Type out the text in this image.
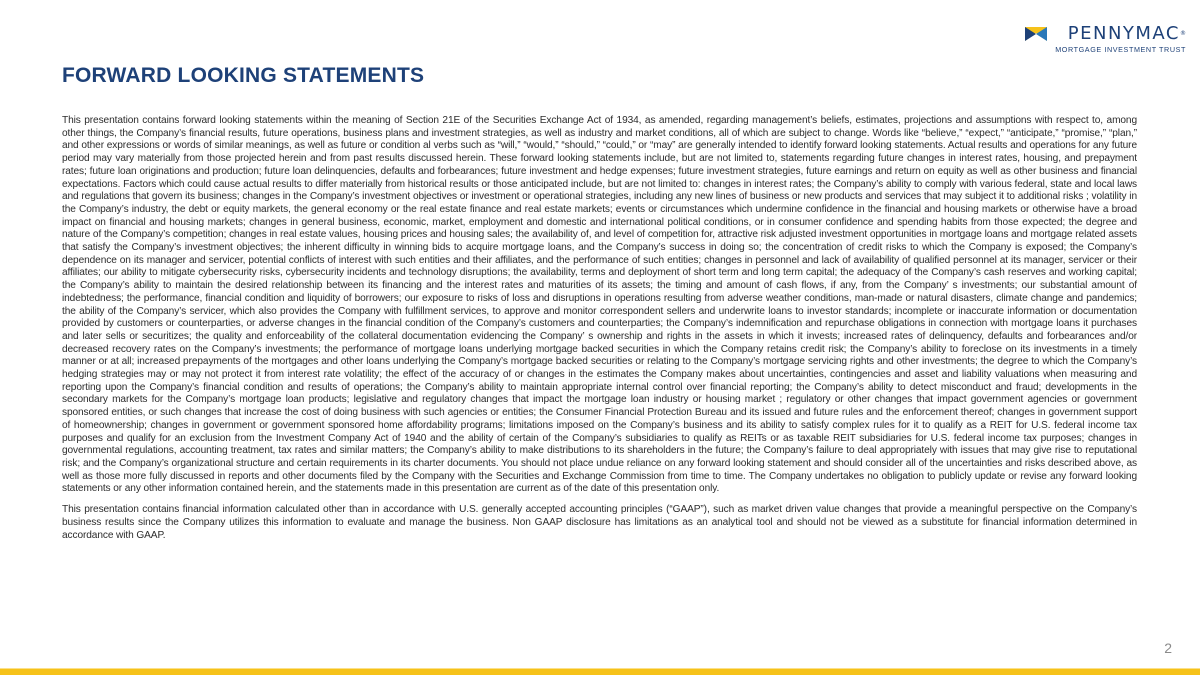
PENNYMAC®
MORTGAGE INVESTMENT TRUST
FORWARD LOOKING STATEMENTS

This presentation contains forward looking statements within the meaning of Section 21E of the Securities Exchange Act of 1934, as amended, regarding management’s beliefs, estimates, projections and assumptions with respect to, among other things, the Company’s financial results, future operations, business plans and investment strategies, as well as industry and market conditions, all of which are subject to change. Words like “believe,” “expect,” “anticipate,” “promise,” “plan,” and other expressions or words of similar meanings, as well as future or condition al verbs such as “will,” “would,” “should,” “could,” or “may” are generally intended to identify forward looking statements. Actual results and operations for any future period may vary materially from those projected herein and from past results discussed herein. These forward looking statements include, but are not limited to, statements regarding future changes in interest rates, housing, and prepayment rates; future loan originations and production; future loan delinquencies, defaults and forbearances; future investment and hedge expenses; future investment strategies, future earnings and return on equity as well as other business and financial expectations. Factors which could cause actual results to differ materially from historical results or those anticipated include, but are not limited to: changes in interest rates; the Company’s ability to comply with various federal, state and local laws and regulations that govern its business; changes in the Company’s investment objectives or investment or operational strategies, including any new lines of business or new products and services that may subject it to additional risks ; volatility in the Company’s industry, the debt or equity markets, the general economy or the real estate finance and real estate markets; events or circumstances which undermine confidence in the financial and housing markets or otherwise have a broad impact on financial and housing markets; changes in general business, economic, market, employment and domestic and international political conditions, or in consumer confidence and spending habits from those expected; the degree and nature of the Company’s competition; changes in real estate values, housing prices and housing sales; the availability of, and level of competition for, attractive risk adjusted investment opportunities in mortgage loans and mortgage related assets that satisfy the Company’s investment objectives; the inherent difficulty in winning bids to acquire mortgage loans, and the Company’s success in doing so; the concentration of credit risks to which the Company is exposed; the Company’s dependence on its manager and servicer, potential conflicts of interest with such entities and their affiliates, and the performance of such entities; changes in personnel and lack of availability of qualified personnel at its manager, servicer or their affiliates; our ability to mitigate cybersecurity risks, cybersecurity incidents and technology disruptions; the availability, terms and deployment of short term and long term capital; the adequacy of the Company’s cash reserves and working capital; the Company’s ability to maintain the desired relationship between its financing and the interest rates and maturities of its assets; the timing and amount of cash flows, if any, from the Company’ s investments; our substantial amount of indebtedness; the performance, financial condition and liquidity of borrowers; our exposure to risks of loss and disruptions in operations resulting from adverse weather conditions, man-made or natural disasters, climate change and pandemics; the ability of the Company’s servicer, which also provides the Company with fulfillment services, to approve and monitor correspondent sellers and underwrite loans to investor standards; incomplete or inaccurate information or documentation provided by customers or counterparties, or adverse changes in the financial condition of the Company’s customers and counterparties; the Company’s indemnification and repurchase obligations in connection with mortgage loans it purchases and later sells or securitizes; the quality and enforceability of the collateral documentation evidencing the Company’ s ownership and rights in the assets in which it invests; increased rates of delinquency, defaults and forbearances and/or decreased recovery rates on the Company’s investments; the performance of mortgage loans underlying mortgage backed securities in which the Company retains credit risk; the Company’s ability to foreclose on its investments in a timely manner or at all; increased prepayments of the mortgages and other loans underlying the Company’s mortgage backed securities or relating to the Company’s mortgage servicing rights and other investments; the degree to which the Company’s hedging strategies may or may not protect it from interest rate volatility; the effect of the accuracy of or changes in the estimates the Company makes about uncertainties, contingencies and asset and liability valuations when measuring and reporting upon the Company’s financial condition and results of operations; the Company’s ability to maintain appropriate internal control over financial reporting; the Company’s ability to detect misconduct and fraud; developments in the secondary markets for the Company’s mortgage loan products; legislative and regulatory changes that impact the mortgage loan industry or housing market ; regulatory or other changes that impact government agencies or government sponsored entities, or such changes that increase the cost of doing business with such agencies or entities; the Consumer Financial Protection Bureau and its issued and future rules and the enforcement thereof; changes in government support of homeownership; changes in government or government sponsored home affordability programs; limitations imposed on the Company’s business and its ability to satisfy complex rules for it to qualify as a REIT for U.S. federal income tax purposes and qualify for an exclusion from the Investment Company Act of 1940 and the ability of certain of the Company’s subsidiaries to qualify as REITs or as taxable REIT subsidiaries for U.S. federal income tax purposes; changes in governmental regulations, accounting treatment, tax rates and similar matters; the Company’s ability to make distributions to its shareholders in the future; the Company’s failure to deal appropriately with issues that may give rise to reputational risk; and the Company’s organizational structure and certain requirements in its charter documents. You should not place undue reliance on any forward looking statement and should consider all of the uncertainties and risks described above, as well as those more fully discussed in reports and other documents filed by the Company with the Securities and Exchange Commission from time to time. The Company undertakes no obligation to publicly update or revise any forward looking statements or any other information contained herein, and the statements made in this presentation are current as of the date of this presentation only.

This presentation contains financial information calculated other than in accordance with U.S. generally accepted accounting principles (“GAAP”), such as market driven value changes that provide a meaningful perspective on the Company’s business results since the Company utilizes this information to evaluate and manage the business. Non GAAP disclosure has limitations as an analytical tool and should not be viewed as a substitute for financial information determined in accordance with GAAP.

2
